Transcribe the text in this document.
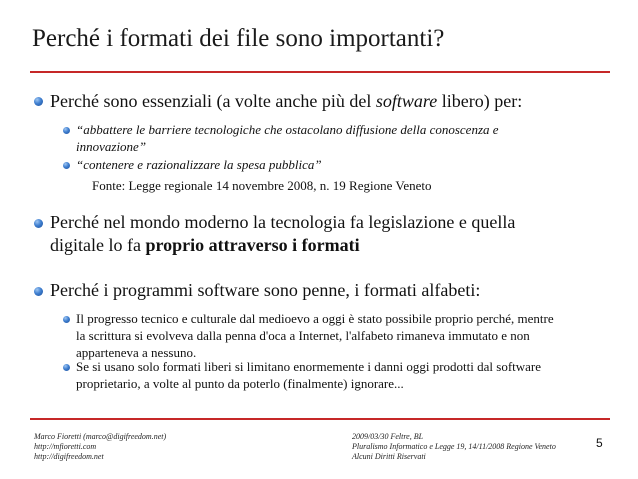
Perché i formati dei file sono importanti?
Perché sono essenziali (a volte anche più del software libero) per:
“abbattere le barriere tecnologiche che ostacolano diffusione della conoscenza e
innovazione”
“contenere e razionalizzare la spesa pubblica”
Fonte: Legge regionale 14 novembre 2008, n. 19 Regione Veneto
Perché nel mondo moderno la tecnologia fa legislazione e quella
digitale lo fa proprio attraverso i formati
Perché i programmi software sono penne, i formati alfabeti:
Il progresso tecnico e culturale dal medioevo a oggi è stato possibile proprio perché, mentre
la scrittura si evolveva dalla penna d'oca a Internet, l'alfabeto rimaneva immutato e non
apparteneva a nessuno.
Se si usano solo formati liberi si limitano enormemente i danni oggi prodotti dal software
proprietario, a volte al punto da poterlo (finalmente) ignorare...
Marco Fioretti (marco@digifreedom.net)
http://mfioretti.com
http://digifreedom.net
2009/03/30 Feltre, BL
Pluralismo Informatico e Legge 19, 14/11/2008 Regione Veneto
Alcuni Diritti Riservati
5
